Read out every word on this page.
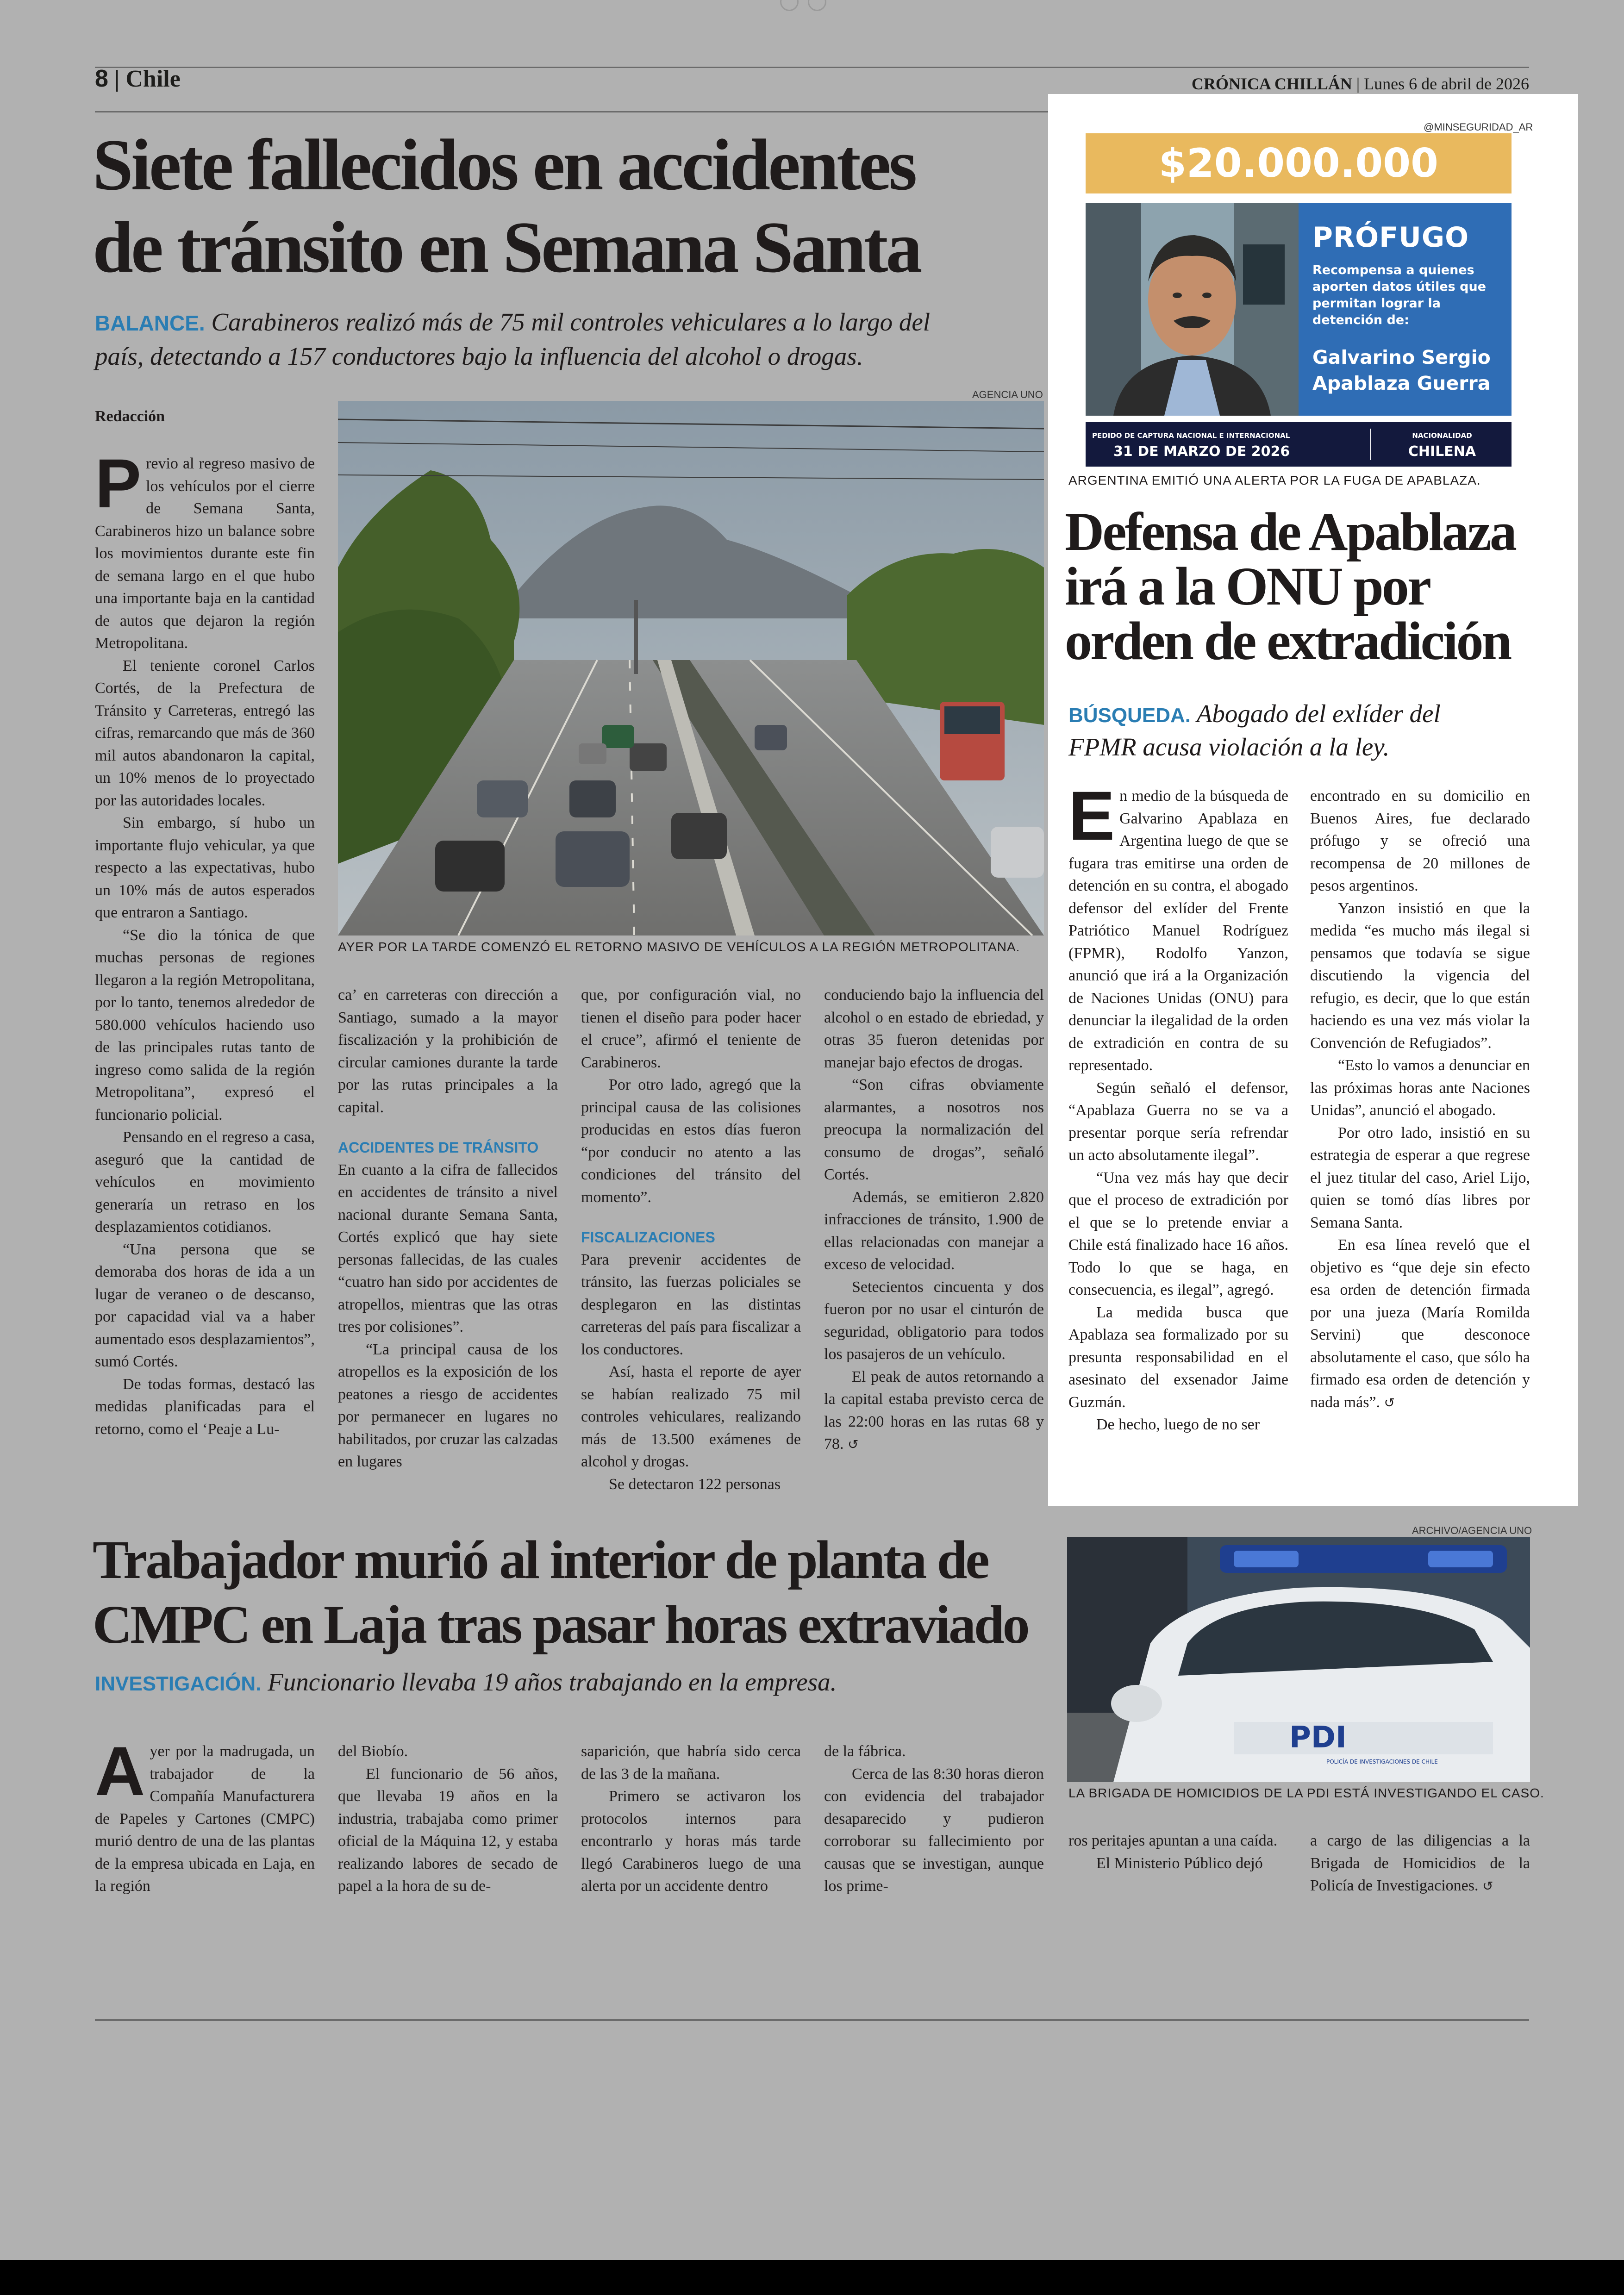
8 | Chile	CRÓNICA CHILLÁN | Lunes 6 de abril de 2026
Siete fallecidos en accidentes
de tránsito en Semana Santa
BALANCE. Carabineros realizó más de 75 mil controles vehiculares a lo largo del
país, detectando a 157 conductores bajo la influencia del alcohol o drogas.
Redacción
AGENCIA UNO
AYER POR LA TARDE COMENZÓ EL RETORNO MASIVO DE VEHÍCULOS A LA REGIÓN METROPOLITANA.

Previo al regreso masivo de los vehículos por el cierre de Semana Santa, Carabineros hizo un balance sobre los movimientos durante este fin de semana largo en el que hubo una importante baja en la cantidad de autos que dejaron la región Metropolitana.

El teniente coronel Carlos Cortés, de la Prefectura de Tránsito y Carreteras, entregó las cifras, remarcando que más de 360 mil autos abandonaron la capital, un 10% menos de lo proyectado por las autoridades locales.

Sin embargo, sí hubo un importante flujo vehicular, ya que respecto a las expectativas, hubo un 10% más de autos esperados que entraron a Santiago.

“Se dio la tónica de que muchas personas de regiones llegaron a la región Metropolitana, por lo tanto, tenemos alrededor de 580.000 vehículos haciendo uso de las principales rutas tanto de ingreso como salida de la región Metropolitana”, expresó el funcionario policial.

Pensando en el regreso a casa, aseguró que la cantidad de vehículos en movimiento generaría un retraso en los desplazamientos cotidianos.

“Una persona que se demoraba dos horas de ida a un lugar de veraneo o de descanso, por capacidad vial va a haber aumentado esos desplazamientos”, sumó Cortés.

De todas formas, destacó las medidas planificadas para el retorno, como el ‘Peaje a Lu-

ca’ en carreteras con dirección a Santiago, sumado a la mayor fiscalización y la prohibición de circular camiones durante la tarde por las rutas principales a la capital.

ACCIDENTES DE TRÁNSITO

En cuanto a la cifra de fallecidos en accidentes de tránsito a nivel nacional durante Semana Santa, Cortés explicó que hay siete personas fallecidas, de las cuales “cuatro han sido por accidentes de atropellos, mientras que las otras tres por colisiones”.

“La principal causa de los atropellos es la exposición de los peatones a riesgo de accidentes por permanecer en lugares no habilitados, por cruzar las calzadas en lugares

que, por configuración vial, no tienen el diseño para poder hacer el cruce”, afirmó el teniente de Carabineros.

Por otro lado, agregó que la principal causa de las colisiones producidas en estos días fueron “por conducir no atento a las condiciones del tránsito del momento”.

FISCALIZACIONES

Para prevenir accidentes de tránsito, las fuerzas policiales se desplegaron en las distintas carreteras del país para fiscalizar a los conductores.

Así, hasta el reporte de ayer se habían realizado 75 mil controles vehiculares, realizando más de 13.500 exámenes de alcohol y drogas.

Se detectaron 122 personas

conduciendo bajo la influencia del alcohol o en estado de ebriedad, y otras 35 fueron detenidas por manejar bajo efectos de drogas.

“Son cifras obviamente alarmantes, a nosotros nos preocupa la normalización del consumo de drogas”, señaló Cortés.

Además, se emitieron 2.820 infracciones de tránsito, 1.900 de ellas relacionadas con manejar a exceso de velocidad.

Setecientos cincuenta y dos fueron por no usar el cinturón de seguridad, obligatorio para todos los pasajeros de un vehículo.

El peak de autos retornando a la capital estaba previsto cerca de las 22:00 horas en las rutas 68 y 78. ↺

@MINSEGURIDAD_AR
$20.000.000
PRÓFUGO
Recompensa a quienes aporten datos útiles que permitan lograr la detención de:
Galvarino Sergio
Apablaza Guerra
PEDIDO DE CAPTURA NACIONAL E INTERNACIONAL
31 DE MARZO DE 2026
NACIONALIDAD
CHILENA
ARGENTINA EMITIÓ UNA ALERTA POR LA FUGA DE APABLAZA.
Defensa de Apablaza
irá a la ONU por
orden de extradición
BÚSQUEDA. Abogado del exlíder del
FPMR acusa violación a la ley.

En medio de la búsqueda de Galvarino Apablaza en Argentina luego de que se fugara tras emitirse una orden de detención en su contra, el abogado defensor del exlíder del Frente Patriótico Manuel Rodríguez (FPMR), Rodolfo Yanzon, anunció que irá a la Organización de Naciones Unidas (ONU) para denunciar la ilegalidad de la orden de extradición en contra de su representado.

Según señaló el defensor, “Apablaza Guerra no se va a presentar porque sería refrendar un acto absolutamente ilegal”.

“Una vez más hay que decir que el proceso de extradición por el que se lo pretende enviar a Chile está finalizado hace 16 años. Todo lo que se haga, en consecuencia, es ilegal”, agregó.

La medida busca que Apablaza sea formalizado por su presunta responsabilidad en el asesinato del exsenador Jaime Guzmán.

De hecho, luego de no ser

encontrado en su domicilio en Buenos Aires, fue declarado prófugo y se ofreció una recompensa de 20 millones de pesos argentinos.

Yanzon insistió en que la medida “es mucho más ilegal si pensamos que todavía se sigue discutiendo la vigencia del refugio, es decir, que lo que están haciendo es una vez más violar la Convención de Refugiados”.

“Esto lo vamos a denunciar en las próximas horas ante Naciones Unidas”, anunció el abogado.

Por otro lado, insistió en su estrategia de esperar a que regrese el juez titular del caso, Ariel Lijo, quien se tomó días libres por Semana Santa.

En esa línea reveló que el objetivo es “que deje sin efecto esa orden de detención firmada por una jueza (María Romilda Servini) que desconoce absolutamente el caso, que sólo ha firmado esa orden de detención y nada más”. ↺

Trabajador murió al interior de planta de
CMPC en Laja tras pasar horas extraviado
INVESTIGACIÓN. Funcionario llevaba 19 años trabajando en la empresa.
ARCHIVO/AGENCIA UNO
PDI
POLICÍA DE INVESTIGACIONES DE CHILE
LA BRIGADA DE HOMICIDIOS DE LA PDI ESTÁ INVESTIGANDO EL CASO.

Ayer por la madrugada, un trabajador de la Compañía Manufacturera de Papeles y Cartones (CMPC) murió dentro de una de las plantas de la empresa ubicada en Laja, en la región

del Biobío.

El funcionario de 56 años, que llevaba 19 años en la industria, trabajaba como primer oficial de la Máquina 12, y estaba realizando labores de secado de papel a la hora de su de-

saparición, que habría sido cerca de las 3 de la mañana.

Primero se activaron los protocolos internos para encontrarlo y horas más tarde llegó Carabineros luego de una alerta por un accidente dentro

de la fábrica.

Cerca de las 8:30 horas dieron con evidencia del trabajador desaparecido y pudieron corroborar su fallecimiento por causas que se investigan, aunque los prime-

ros peritajes apuntan a una caída.

El Ministerio Público dejó

a cargo de las diligencias a la Brigada de Homicidios de la Policía de Investigaciones. ↺
